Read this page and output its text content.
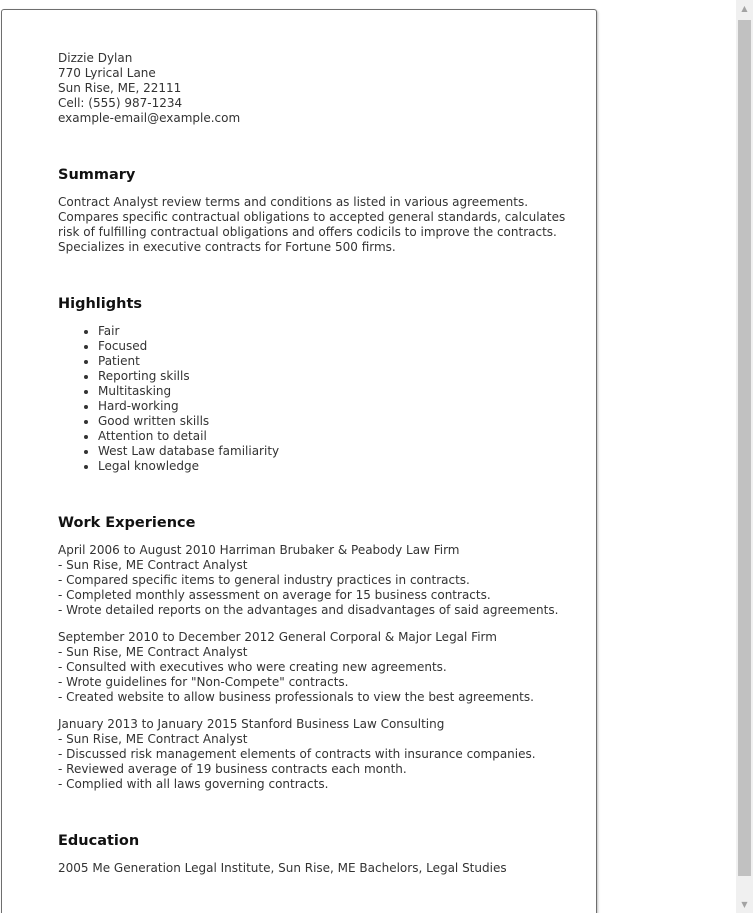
Dizzie Dylan
770 Lyrical Lane
Sun Rise, ME, 22111
Cell: (555) 987-1234
example-email@example.com
Summary
Contract Analyst review terms and conditions as listed in various agreements. Compares specific contractual obligations to accepted general standards, calculates risk of fulfilling contractual obligations and offers codicils to improve the contracts. Specializes in executive contracts for Fortune 500 firms.
Highlights
• Fair
• Focused
• Patient
• Reporting skills
• Multitasking
• Hard-working
• Good written skills
• Attention to detail
• West Law database familiarity
• Legal knowledge
Work Experience
April 2006 to August 2010 Harriman Brubaker & Peabody Law Firm
- Sun Rise, ME Contract Analyst
- Compared specific items to general industry practices in contracts.
- Completed monthly assessment on average for 15 business contracts.
- Wrote detailed reports on the advantages and disadvantages of said agreements.
September 2010 to December 2012 General Corporal & Major Legal Firm
- Sun Rise, ME Contract Analyst
- Consulted with executives who were creating new agreements.
- Wrote guidelines for "Non-Compete" contracts.
- Created website to allow business professionals to view the best agreements.
January 2013 to January 2015 Stanford Business Law Consulting
- Sun Rise, ME Contract Analyst
- Discussed risk management elements of contracts with insurance companies.
- Reviewed average of 19 business contracts each month.
- Complied with all laws governing contracts.
Education
2005 Me Generation Legal Institute, Sun Rise, ME Bachelors, Legal Studies
▲
▼
